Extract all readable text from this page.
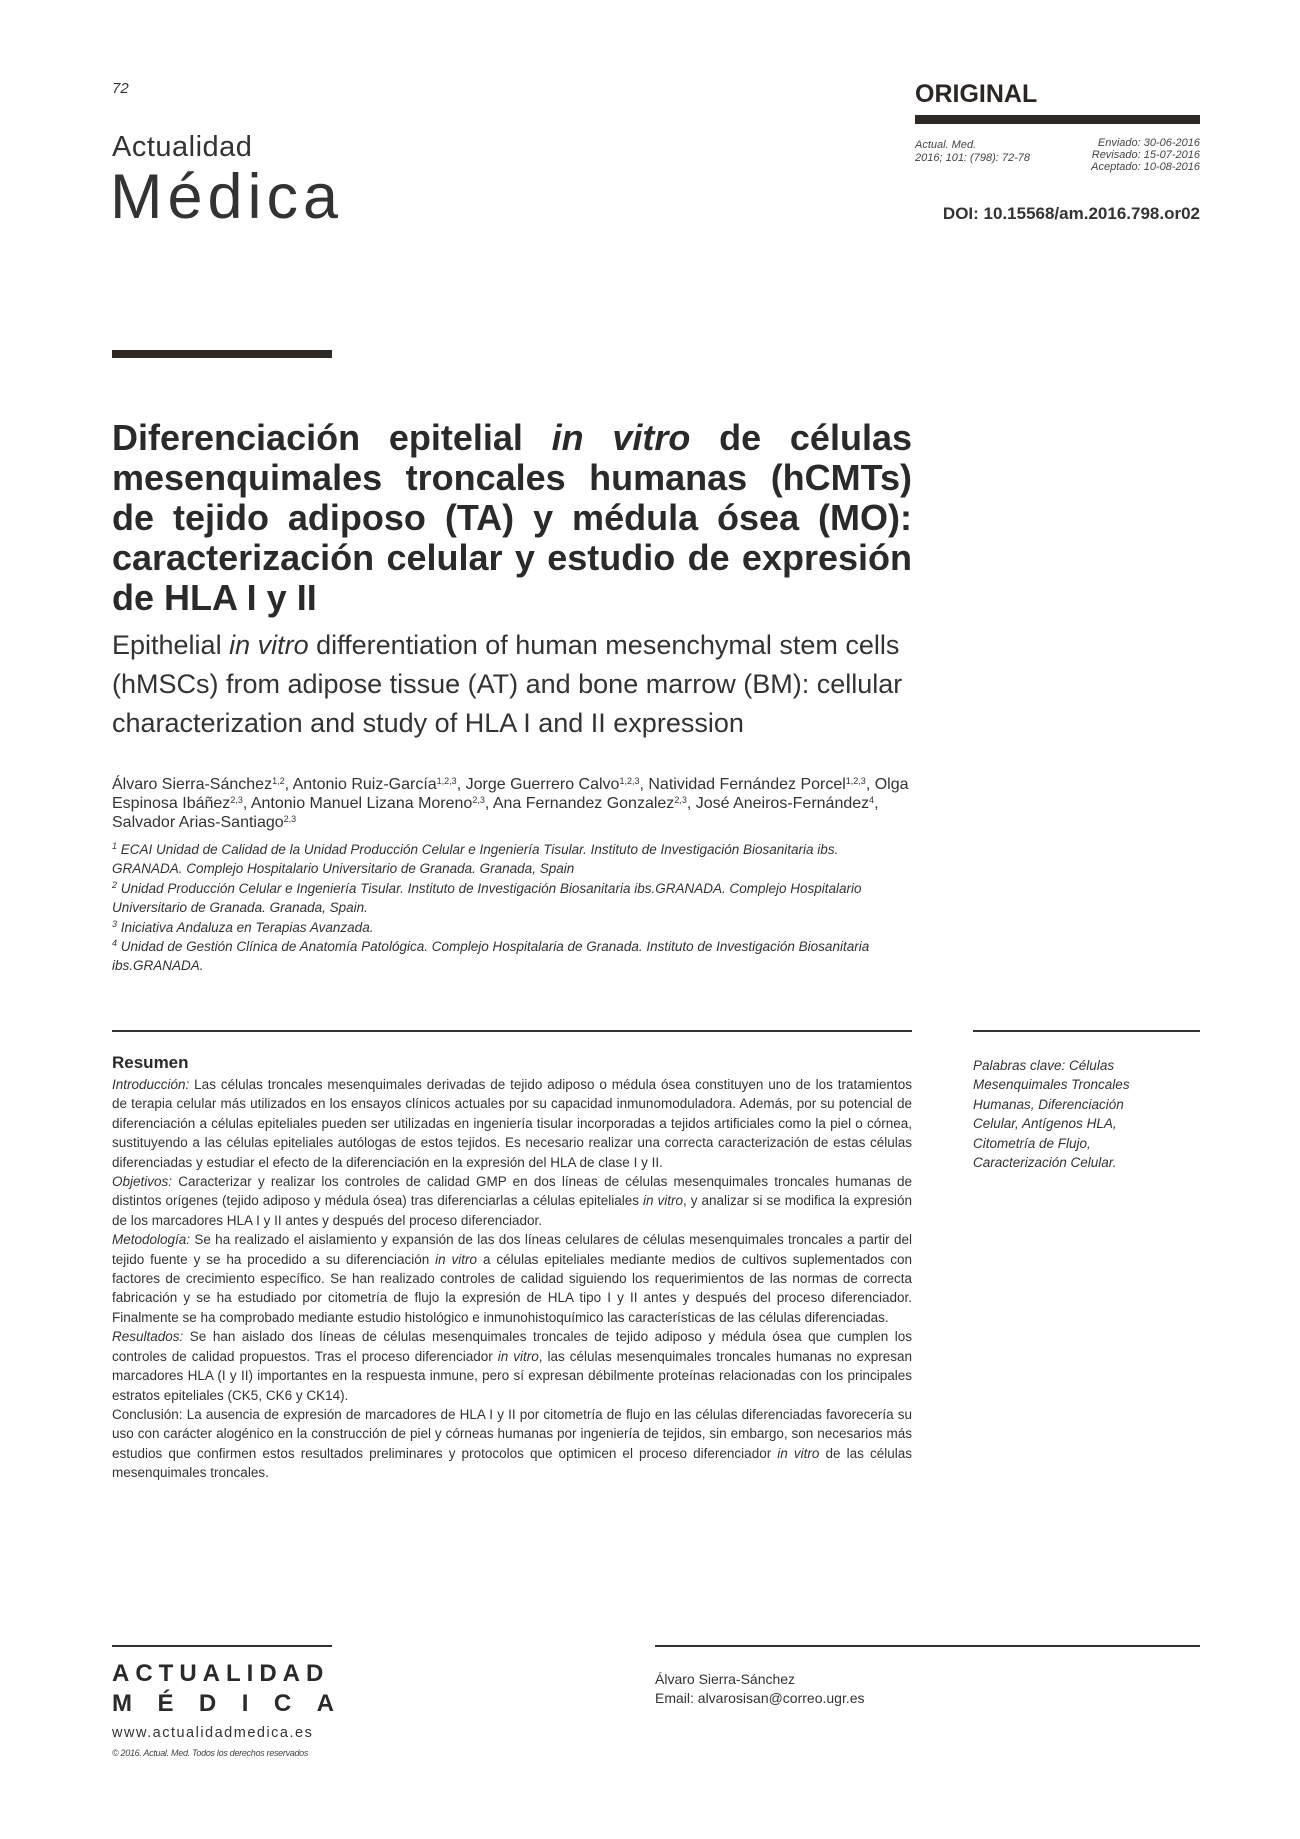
72
Actualidad
Médica
ORIGINAL
Actual. Med.
2016; 101: (798): 72-78
Enviado: 30-06-2016
Revisado: 15-07-2016
Aceptado: 10-08-2016
DOI: 10.15568/am.2016.798.or02
Diferenciación epitelial in vitro de células mesenquimales troncales humanas (hCMTs) de tejido adiposo (TA) y médula ósea (MO): caracterización celular y estudio de expresión de HLA I y II
Epithelial in vitro differentiation of human mesenchymal stem cells (hMSCs) from adipose tissue (AT) and bone marrow (BM): cellular characterization and study of HLA I and II expression
Álvaro Sierra-Sánchez$^{1,2}$, Antonio Ruiz-García$^{1,2,3}$, Jorge Guerrero Calvo$^{1,2,3}$, Natividad Fernández Porcel$^{1,2,3}$, Olga Espinosa Ibáñez$^{2,3}$, Antonio Manuel Lizana Moreno$^{2,3}$, Ana Fernandez Gonzalez$^{2,3}$, José Aneiros-Fernández$^4$, Salvador Arias-Santiago$^{2,3}$
$^1$ ECAI Unidad de Calidad de la Unidad Producción Celular e Ingeniería Tisular. Instituto de Investigación Biosanitaria ibs. GRANADA. Complejo Hospitalario Universitario de Granada. Granada, Spain
$^2$ Unidad Producción Celular e Ingeniería Tisular. Instituto de Investigación Biosanitaria ibs.GRANADA. Complejo Hospitalario Universitario de Granada. Granada, Spain.
$^3$ Iniciativa Andaluza en Terapias Avanzada.
$^4$ Unidad de Gestión Clínica de Anatomía Patológica. Complejo Hospitalaria de Granada. Instituto de Investigación Biosanitaria ibs.GRANADA.
Resumen

Introducción: Las células troncales mesenquimales derivadas de tejido adiposo o médula ósea constituyen uno de los tratamientos de terapia celular más utilizados en los ensayos clínicos actuales por su capacidad inmunomoduladora. Además, por su potencial de diferenciación a células epiteliales pueden ser utilizadas en ingeniería tisular incorporadas a tejidos artificiales como la piel o córnea, sustituyendo a las células epiteliales autólogas de estos tejidos. Es necesario realizar una correcta caracterización de estas células diferenciadas y estudiar el efecto de la diferenciación en la expresión del HLA de clase I y II.

Objetivos: Caracterizar y realizar los controles de calidad GMP en dos líneas de células mesenquimales troncales humanas de distintos orígenes (tejido adiposo y médula ósea) tras diferenciarlas a células epiteliales in vitro, y analizar si se modifica la expresión de los marcadores HLA I y II antes y después del proceso diferenciador.

Metodología: Se ha realizado el aislamiento y expansión de las dos líneas celulares de células mesenquimales troncales a partir del tejido fuente y se ha procedido a su diferenciación in vitro a células epiteliales mediante medios de cultivos suplementados con factores de crecimiento específico. Se han realizado controles de calidad siguiendo los requerimientos de las normas de correcta fabricación y se ha estudiado por citometría de flujo la expresión de HLA tipo I y II antes y después del proceso diferenciador. Finalmente se ha comprobado mediante estudio histológico e inmunohistoquímico las características de las células diferenciadas.

Resultados: Se han aislado dos líneas de células mesenquimales troncales de tejido adiposo y médula ósea que cumplen los controles de calidad propuestos. Tras el proceso diferenciador in vitro, las células mesenquimales troncales humanas no expresan marcadores HLA (I y II) importantes en la respuesta inmune, pero sí expresan débilmente proteínas relacionadas con los principales estratos epiteliales (CK5, CK6 y CK14).

Conclusión: La ausencia de expresión de marcadores de HLA I y II por citometría de flujo en las células diferenciadas favorecería su uso con carácter alogénico en la construcción de piel y córneas humanas por ingeniería de tejidos, sin embargo, son necesarios más estudios que confirmen estos resultados preliminares y protocolos que optimicen el proceso diferenciador in vitro de las células mesenquimales troncales.

Palabras clave: Células Mesenquimales Troncales Humanas, Diferenciación Celular, Antígenos HLA, Citometría de Flujo, Caracterización Celular.
ACTUALIDAD
M É D I C A
www.actualidadmedica.es
© 2016. Actual. Med. Todos los derechos reservados
Álvaro Sierra-Sánchez
Email: alvarosisan@correo.ugr.es
